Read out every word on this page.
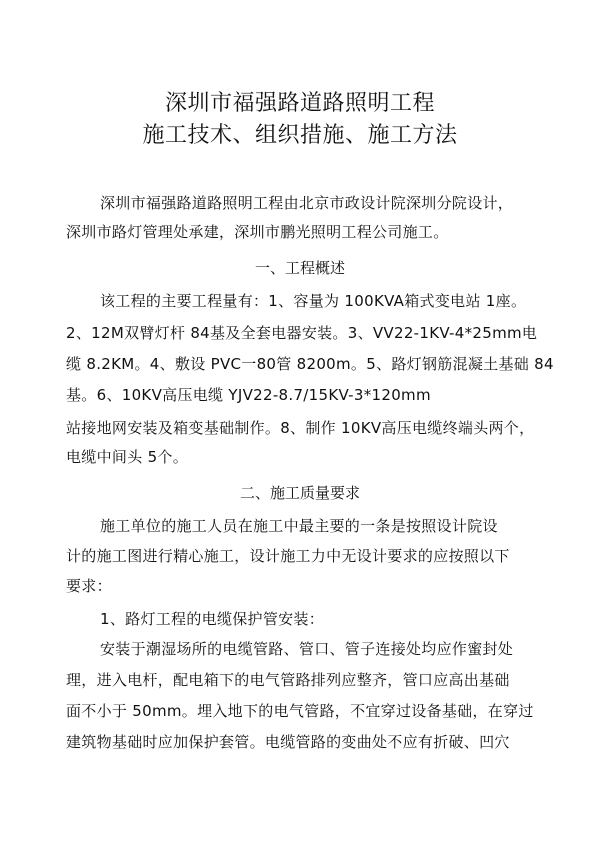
深圳市福强路道路照明工程
施工技术、组织措施、施工方法
深圳市福强路道路照明工程由北京市政设计院深圳分院设计，
深圳市路灯管理处承建，深圳市鹏光照明工程公司施工。
一、工程概述
该工程的主要工程量有：1、容量为 100KVA箱式变电站 1座。
2、12M双臂灯杆 84基及全套电器安装。3、VV22-1KV-4*25mm电
缆 8.2KM。4、敷设 PVC一80管 8200m。5、路灯钢筋混凝土基础 84
基。6、10KV高压电缆 YJV22-8.7/15KV-3*120mm
站接地网安装及箱变基础制作。8、制作 10KV高压电缆终端头两个，
电缆中间头 5个。
二、施工质量要求
施工单位的施工人员在施工中最主要的一条是按照设计院设
计的施工图进行精心施工，设计施工力中无设计要求的应按照以下
要求：
1、路灯工程的电缆保护管安装：
安装于潮湿场所的电缆管路、管口、管子连接处均应作蜜封处
理，进入电杆，配电箱下的电气管路排列应整齐，管口应高出基础
面不小于 50mm。埋入地下的电气管路，不宜穿过设备基础，在穿过
建筑物基础时应加保护套管。电缆管路的变曲处不应有折破、凹穴
